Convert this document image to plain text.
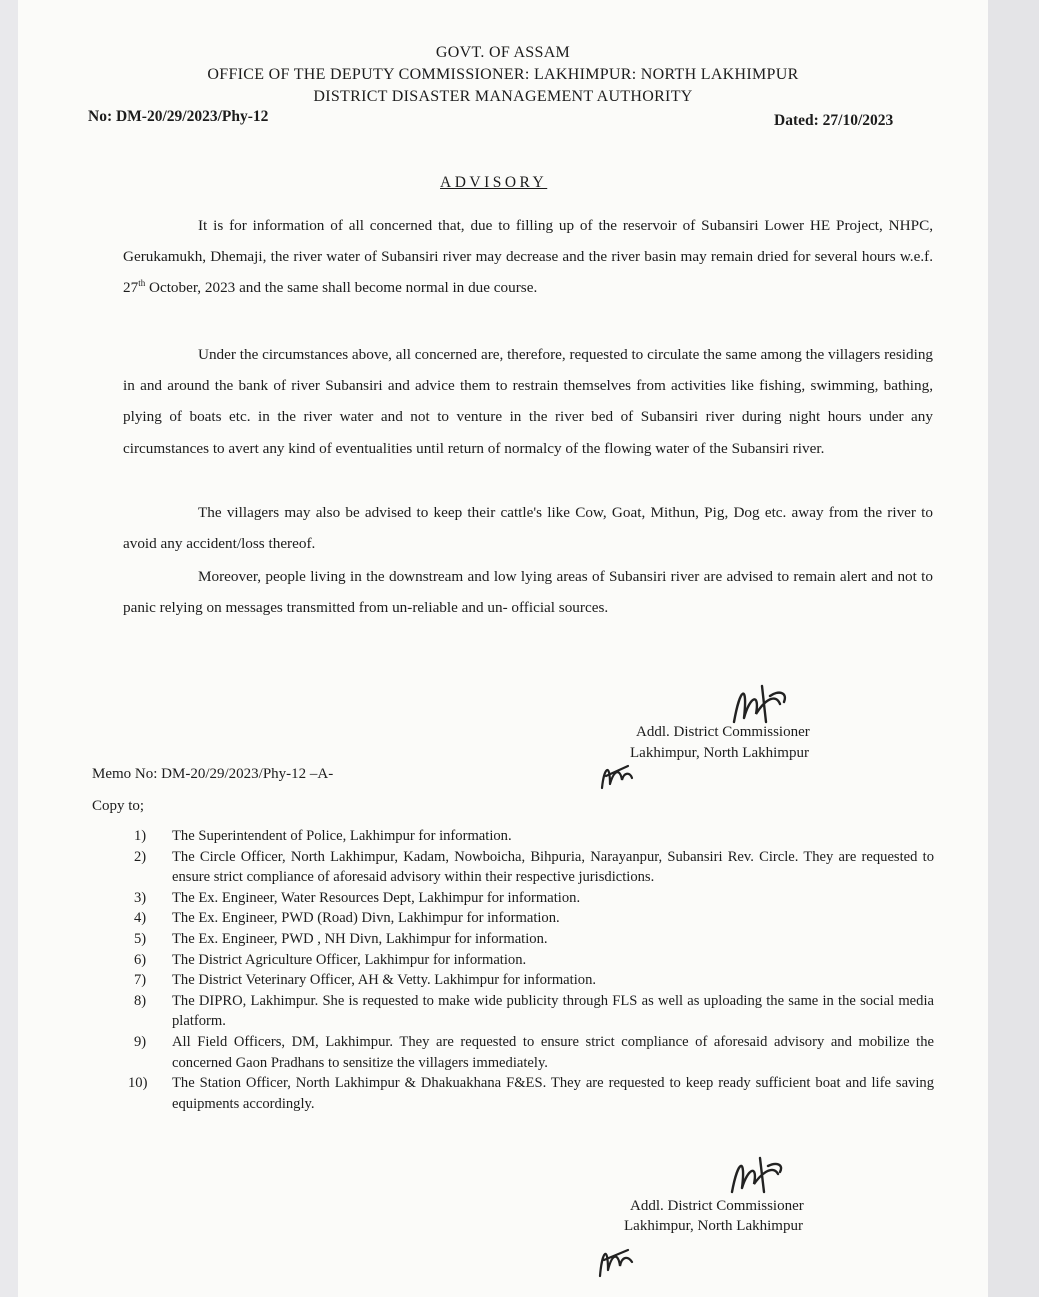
GOVT. OF ASSAM
OFFICE OF THE DEPUTY COMMISSIONER: LAKHIMPUR: NORTH LAKHIMPUR
DISTRICT DISASTER MANAGEMENT AUTHORITY
No: DM-20/29/2023/Phy-12	Dated: 27/10/2023
ADVISORY

It is for information of all concerned that, due to filling up of the reservoir of Subansiri Lower HE Project, NHPC, Gerukamukh, Dhemaji, the river water of Subansiri river may decrease and the river basin may remain dried for several hours w.e.f. 27th October, 2023 and the same shall become normal in due course.

Under the circumstances above, all concerned are, therefore, requested to circulate the same among the villagers residing in and around the bank of river Subansiri and advice them to restrain themselves from activities like fishing, swimming, bathing, plying of boats etc. in the river water and not to venture in the river bed of Subansiri river during night hours under any circumstances to avert any kind of eventualities until return of normalcy of the flowing water of the Subansiri river.

The villagers may also be advised to keep their cattle's like Cow, Goat, Mithun, Pig, Dog etc. away from the river to avoid any accident/loss thereof.

Moreover, people living in the downstream and low lying areas of Subansiri river are advised to remain alert and not to panic relying on messages transmitted from un-reliable and un- official sources.

Addl. District Commissioner
Lakhimpur, North Lakhimpur
Memo No: DM-20/29/2023/Phy-12 –A-
Copy to;
1) The Superintendent of Police, Lakhimpur for information.
2) The Circle Officer, North Lakhimpur, Kadam, Nowboicha, Bihpuria, Narayanpur, Subansiri Rev. Circle. They are requested to ensure strict compliance of aforesaid advisory within their respective jurisdictions.
3) The Ex. Engineer, Water Resources Dept, Lakhimpur for information.
4) The Ex. Engineer, PWD (Road) Divn, Lakhimpur for information.
5) The Ex. Engineer, PWD , NH Divn, Lakhimpur for information.
6) The District Agriculture Officer, Lakhimpur for information.
7) The District Veterinary Officer, AH & Vetty. Lakhimpur for information.
8) The DIPRO, Lakhimpur. She is requested to make wide publicity through FLS as well as uploading the same in the social media platform.
9) All Field Officers, DM, Lakhimpur. They are requested to ensure strict compliance of aforesaid advisory and mobilize the concerned Gaon Pradhans to sensitize the villagers immediately.
10) The Station Officer, North Lakhimpur & Dhakuakhana F&ES. They are requested to keep ready sufficient boat and life saving equipments accordingly.
Addl. District Commissioner
Lakhimpur, North Lakhimpur
